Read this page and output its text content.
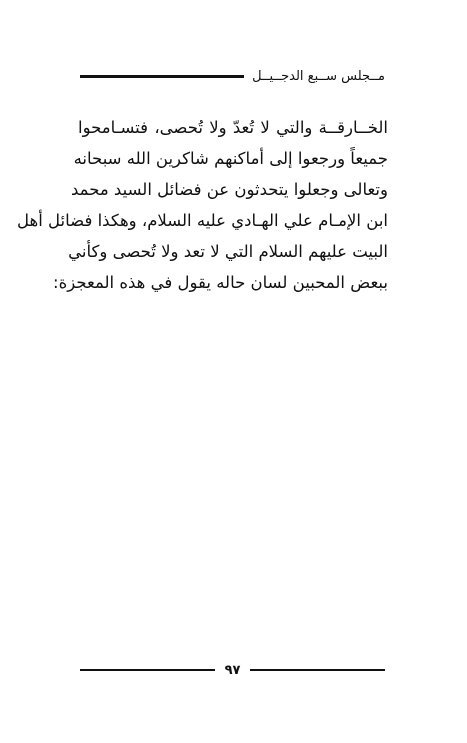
مــجلس ســبع الدجــيــل

الخــارقــة والتي لا تُعدّ ولا تُحصى، فتسـامحوا
جميعاً ورجعوا إلى أماكنهم شاكرين الله سبحانه
وتعالى وجعلوا يتحدثون عن فضائل السيد محمد
ابن الإمـام علي الهـادي عليه السلام، وهكذا فضائل أهل
البيت عليهم السلام التي لا تعد ولا تُحصى وكأني
ببعض المحبين لسان حاله يقول في هذه المعجزة:

٩٧
